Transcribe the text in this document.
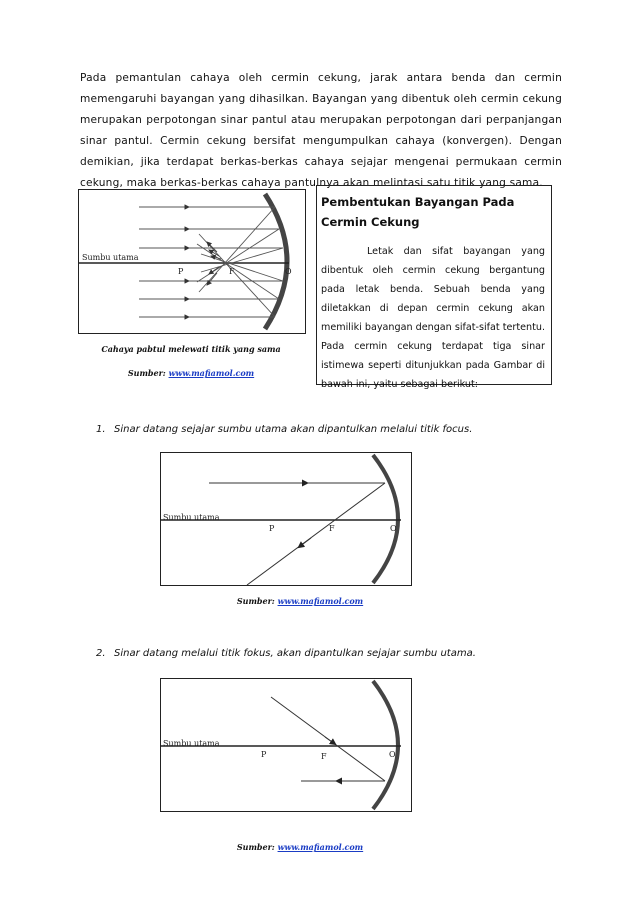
Pada pemantulan cahaya oleh cermin cekung, jarak antara benda dan cermin memengaruhi bayangan yang dihasilkan. Bayangan yang dibentuk oleh cermin cekung merupakan perpotongan sinar pantul atau merupakan perpotongan dari perpanjangan sinar pantul. Cermin cekung bersifat mengumpulkan cahaya (konvergen). Dengan demikian, jika terdapat berkas-berkas cahaya sejajar mengenai permukaan cermin cekung, maka berkas-berkas cahaya pantulnya akan melintasi satu titik yang sama.

Sumbu utama
P	F	O
Cahaya pabtul melewati titik yang sama
Sumber: www.mafiamol.com
Pembentukan Bayangan Pada Cermin Cekung
Letak dan sifat bayangan yang dibentuk oleh cermin cekung bergantung pada letak benda. Sebuah benda yang diletakkan di depan cermin cekung akan memiliki bayangan dengan sifat-sifat tertentu. Pada cermin cekung terdapat tiga sinar istimewa seperti ditunjukkan pada Gambar di bawah ini, yaitu sebagai berikut:
1. Sinar datang sejajar sumbu utama akan dipantulkan melalui titik focus.
Sumbu utama
P	F	O
Sumber: www.mafiamol.com
2. Sinar datang melalui titik fokus, akan dipantulkan sejajar sumbu utama.
Sumbu utama
P	F	O
Sumber: www.mafiamol.com
